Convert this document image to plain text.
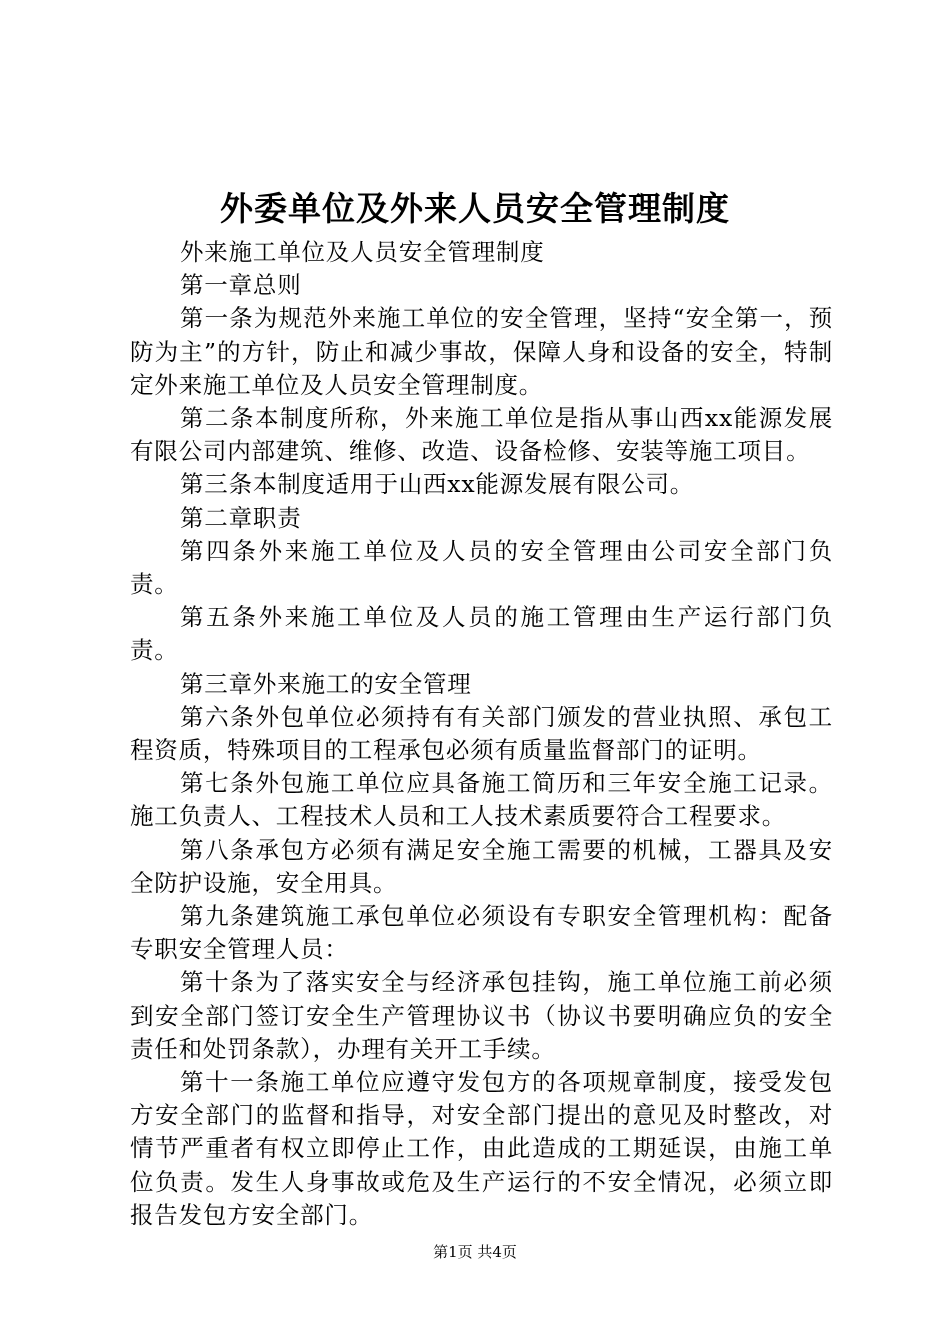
外委单位及外来人员安全管理制度

外来施工单位及人员安全管理制度

第一章总则

第一条为规范外来施工单位的安全管理，坚持“安全第一，预防为主”的方针，防止和减少事故，保障人身和设备的安全，特制定外来施工单位及人员安全管理制度。

第二条本制度所称，外来施工单位是指从事山西xx能源发展有限公司内部建筑、维修、改造、设备检修、安装等施工项目。

第三条本制度适用于山西xx能源发展有限公司。

第二章职责

第四条外来施工单位及人员的安全管理由公司安全部门负责。

第五条外来施工单位及人员的施工管理由生产运行部门负责。

第三章外来施工的安全管理

第六条外包单位必须持有有关部门颁发的营业执照、承包工程资质，特殊项目的工程承包必须有质量监督部门的证明。

第七条外包施工单位应具备施工简历和三年安全施工记录。施工负责人、工程技术人员和工人技术素质要符合工程要求。

第八条承包方必须有满足安全施工需要的机械，工器具及安全防护设施，安全用具。

第九条建筑施工承包单位必须设有专职安全管理机构：配备专职安全管理人员：

第十条为了落实安全与经济承包挂钩，施工单位施工前必须到安全部门签订安全生产管理协议书（协议书要明确应负的安全责任和处罚条款），办理有关开工手续。

第十一条施工单位应遵守发包方的各项规章制度，接受发包方安全部门的监督和指导，对安全部门提出的意见及时整改，对情节严重者有权立即停止工作，由此造成的工期延误，由施工单位负责。发生人身事故或危及生产运行的不安全情况，必须立即报告发包方安全部门。

第1页 共4页
